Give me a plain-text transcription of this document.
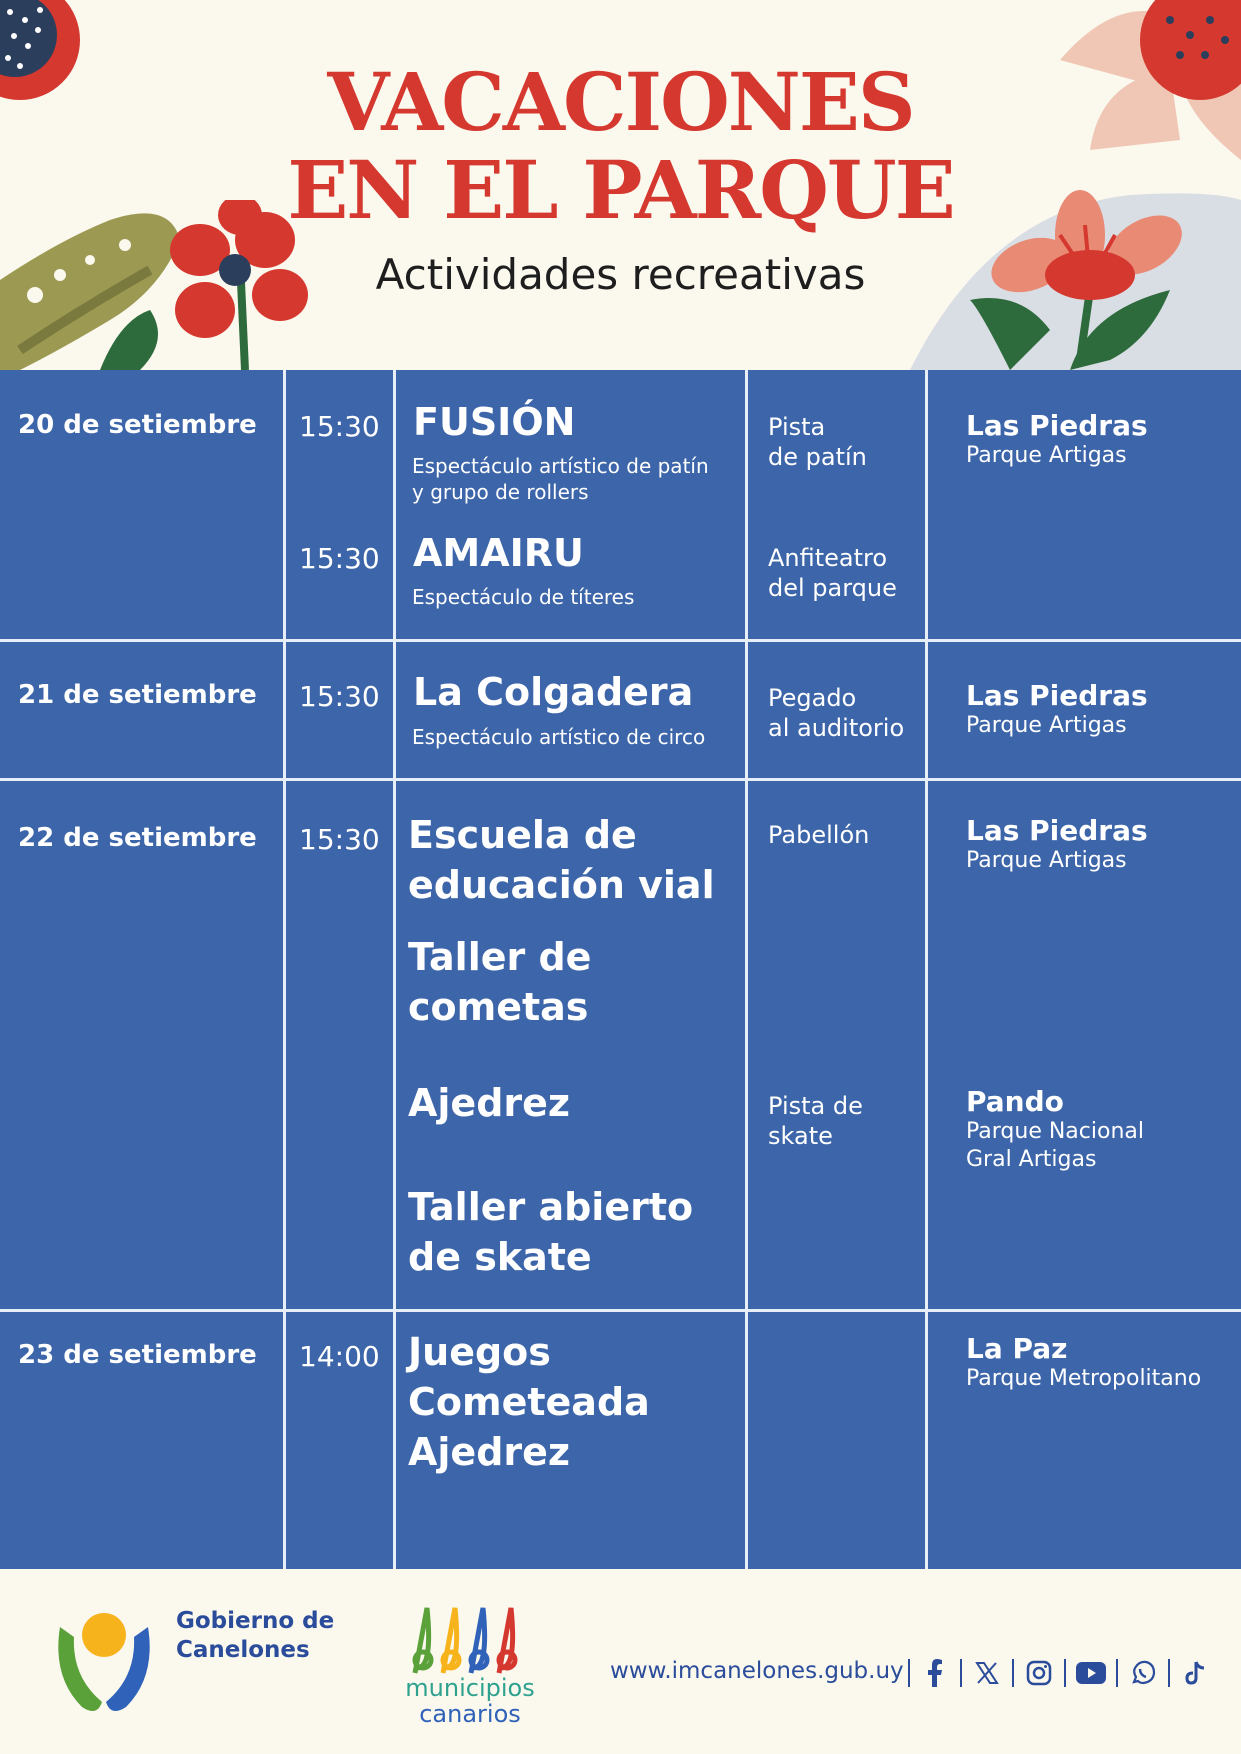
VACACIONES
EN EL PARQUE
Actividades recreativas
20 de setiembre 15:30 FUSIÓN
Espectáculo artístico de patín
y grupo de rollers
Pista
de patín
15:30 AMAIRU
Espectáculo de títeres
Anfiteatro
del parque
Las Piedras
Parque Artigas
21 de setiembre 15:30 La Colgadera
Espectáculo artístico de circo
Pegado
al auditorio
Las Piedras
Parque Artigas
22 de setiembre 15:30 Escuela de
educación vial
Taller de
cometas
Ajedrez
Taller abierto
de skate
Pabellón
Pista de
skate
Las Piedras
Parque Artigas
Pando
Parque Nacional
Gral Artigas
23 de setiembre 14:00 Juegos
Cometeada
Ajedrez
La Paz
Parque Metropolitano
Gobierno de
Canelones
municipios
canarios
www.imcanelones.gub.uy
